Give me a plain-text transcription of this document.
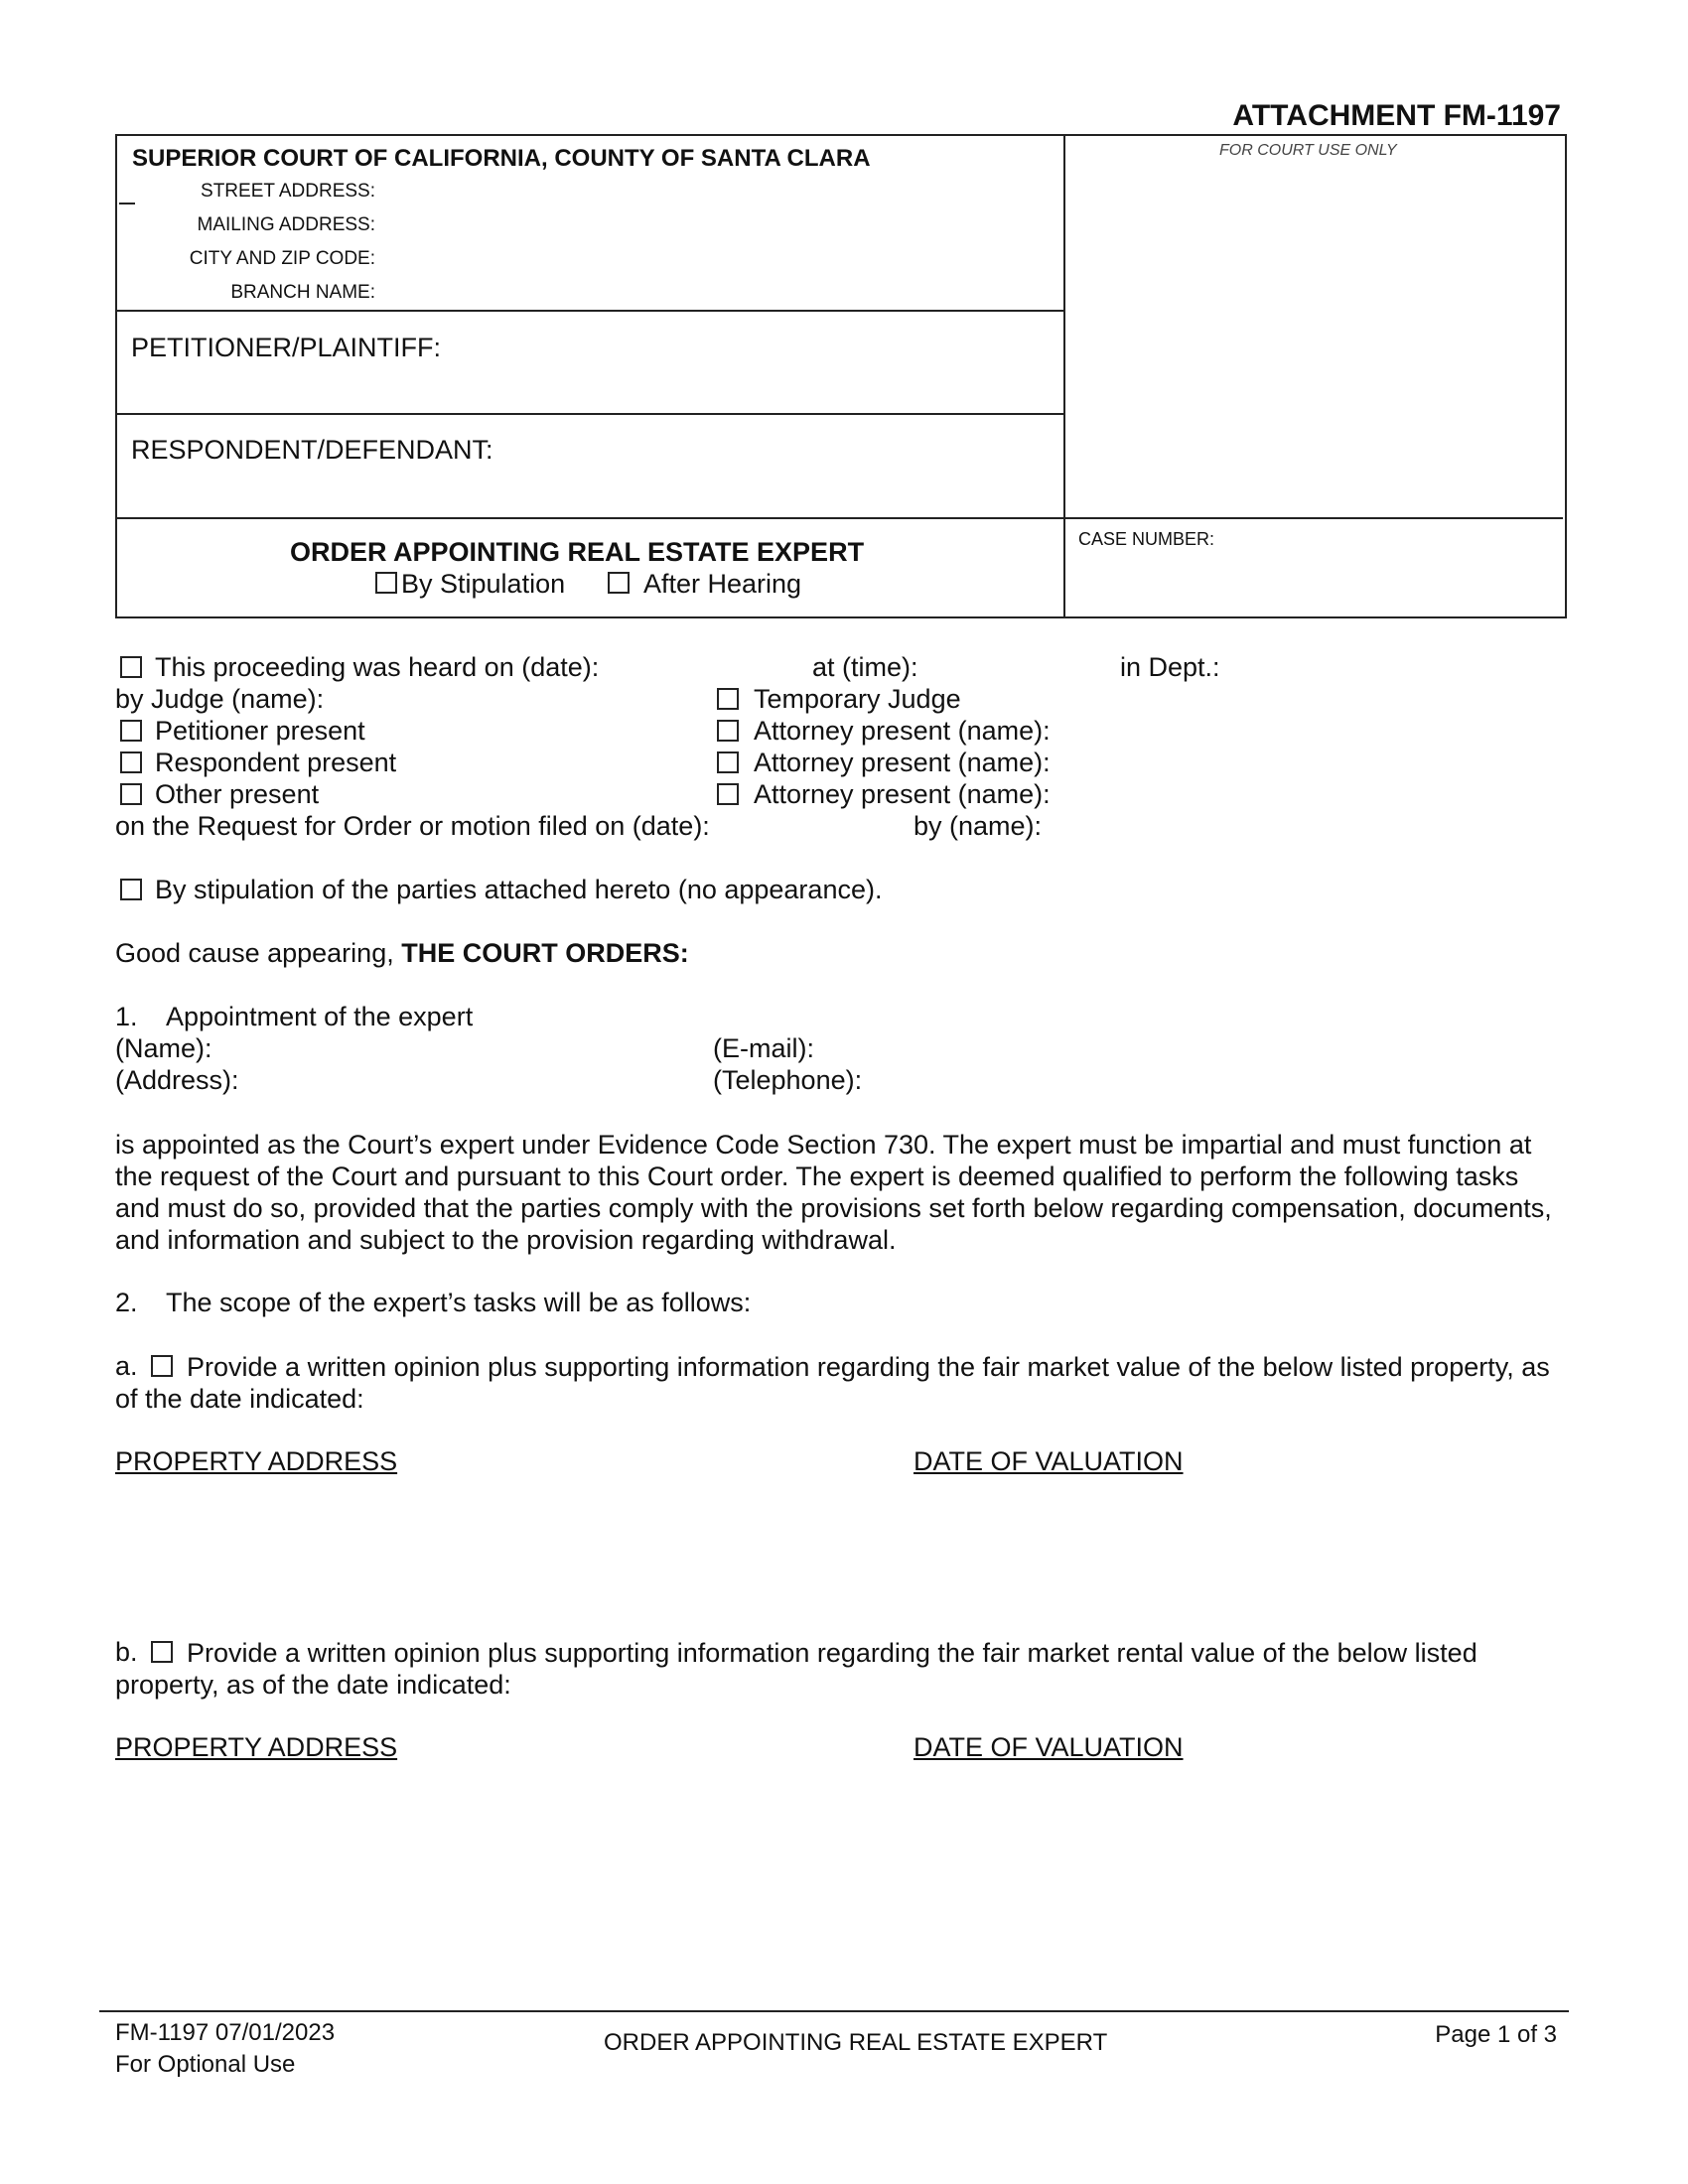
ATTACHMENT FM-1197
FOR COURT USE ONLY
SUPERIOR COURT OF CALIFORNIA, COUNTY OF SANTA CLARA
STREET ADDRESS:
MAILING ADDRESS:
CITY AND ZIP CODE:
BRANCH NAME:
PETITIONER/PLAINTIFF:
RESPONDENT/DEFENDANT:
ORDER APPOINTING REAL ESTATE EXPERT
By Stipulation	After Hearing
CASE NUMBER:
This proceeding was heard on (date):	at (time):	in Dept.:
by Judge (name):	Temporary Judge
Petitioner present	Attorney present (name):
Respondent present	Attorney present (name):
Other present	Attorney present (name):
on the Request for Order or motion filed on (date):	by (name):
By stipulation of the parties attached hereto (no appearance).
Good cause appearing, THE COURT ORDERS:
1. Appointment of the expert
(Name):	(E-mail):
(Address):	(Telephone):
is appointed as the Court’s expert under Evidence Code Section 730. The expert must be impartial and must function at the request of the Court and pursuant to this Court order. The expert is deemed qualified to perform the following tasks and must do so, provided that the parties comply with the provisions set forth below regarding compensation, documents, and information and subject to the provision regarding withdrawal.
2. The scope of the expert’s tasks will be as follows:
a.	Provide a written opinion plus supporting information regarding the fair market value of the below listed property, as of the date indicated:
PROPERTY ADDRESS	DATE OF VALUATION
b.	Provide a written opinion plus supporting information regarding the fair market rental value of the below listed property, as of the date indicated:
PROPERTY ADDRESS	DATE OF VALUATION
FM-1197 07/01/2023
For Optional Use
ORDER APPOINTING REAL ESTATE EXPERT	Page 1 of 3
